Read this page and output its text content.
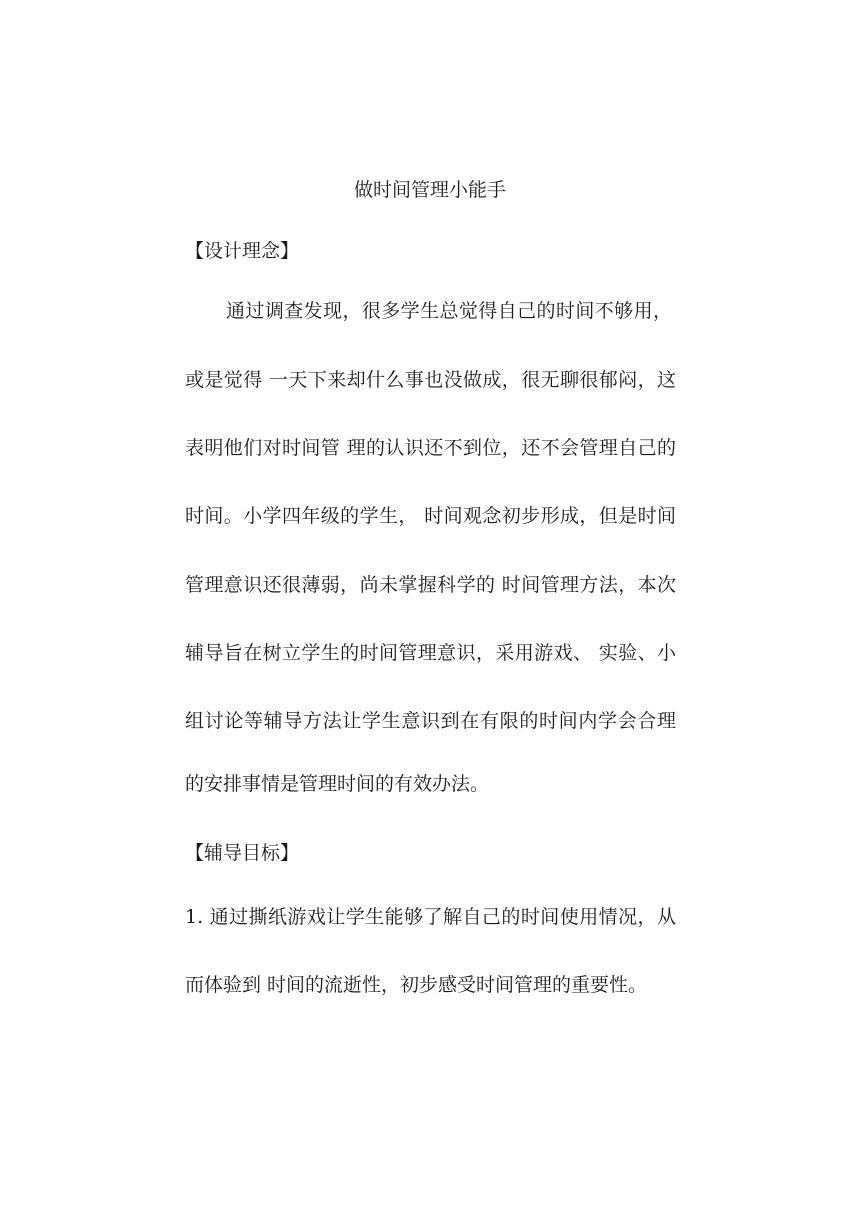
做时间管理小能手
【设计理念】
通过调查发现，很多学生总觉得自己的时间不够用，
或是觉得 一天下来却什么事也没做成，很无聊很郁闷，这
表明他们对时间管 理的认识还不到位，还不会管理自己的
时间。小学四年级的学生， 时间观念初步形成，但是时间
管理意识还很薄弱，尚未掌握科学的 时间管理方法，本次
辅导旨在树立学生的时间管理意识，采用游戏、 实验、小
组讨论等辅导方法让学生意识到在有限的时间内学会合理
的安排事情是管理时间的有效办法。
【辅导目标】
1. 通过撕纸游戏让学生能够了解自己的时间使用情况，从
而体验到 时间的流逝性，初步感受时间管理的重要性。
